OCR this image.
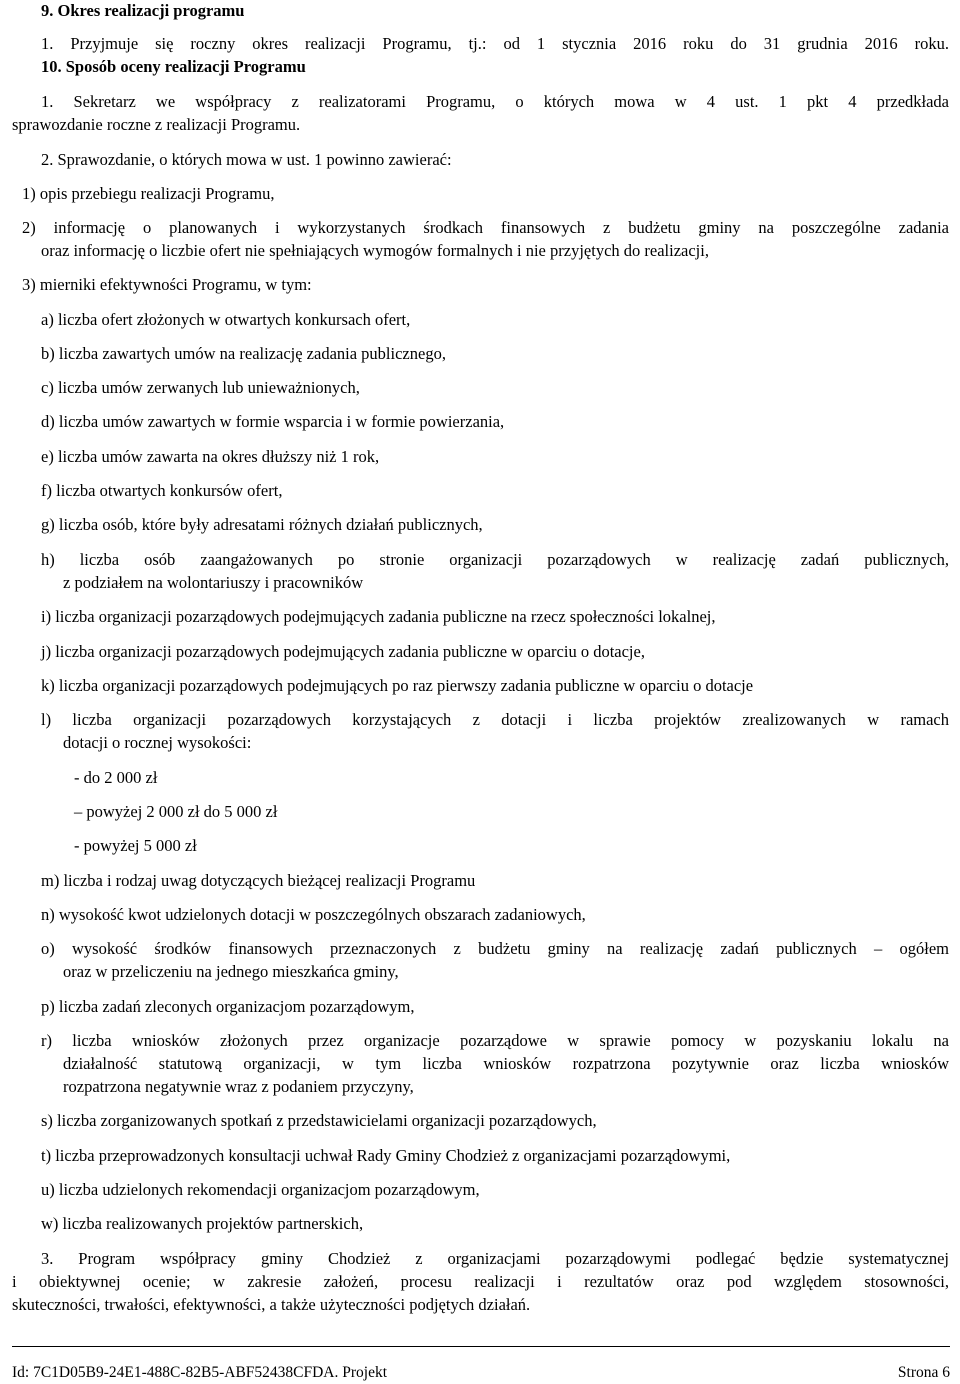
9. Okres realizacji programu
1. Przyjmuje się roczny okres realizacji Programu, tj.: od 1 stycznia 2016 roku do 31 grudnia 2016 roku.
10. Sposób oceny realizacji Programu
1. Sekretarz we współpracy z realizatorami Programu, o których mowa w 4 ust. 1 pkt 4 przedkłada
sprawozdanie roczne z realizacji Programu.
2. Sprawozdanie, o których mowa w ust. 1 powinno zawierać:
1) opis przebiegu realizacji Programu,
2) informację o planowanych i wykorzystanych środkach finansowych z budżetu gminy na poszczególne zadania
oraz informację o liczbie ofert nie spełniających wymogów formalnych i nie przyjętych do realizacji,
3) mierniki efektywności Programu, w tym:
a) liczba ofert złożonych w otwartych konkursach ofert,
b) liczba zawartych umów na realizację zadania publicznego,
c) liczba umów zerwanych lub unieważnionych,
d) liczba umów zawartych w formie wsparcia i w formie powierzania,
e) liczba umów zawarta na okres dłuższy niż 1 rok,
f) liczba otwartych konkursów ofert,
g) liczba osób, które były adresatami różnych działań publicznych,
h) liczba osób zaangażowanych po stronie organizacji pozarządowych w realizację zadań publicznych,
z podziałem na wolontariuszy i pracowników
i) liczba organizacji pozarządowych podejmujących zadania publiczne na rzecz społeczności lokalnej,
j) liczba organizacji pozarządowych podejmujących zadania publiczne w oparciu o dotacje,
k) liczba organizacji pozarządowych podejmujących po raz pierwszy zadania publiczne w oparciu o dotacje
l) liczba organizacji pozarządowych korzystających z dotacji i liczba projektów zrealizowanych w ramach
dotacji o rocznej wysokości:
- do 2 000 zł
– powyżej 2 000 zł do 5 000 zł
- powyżej 5 000 zł
m) liczba i rodzaj uwag dotyczących bieżącej realizacji Programu
n) wysokość kwot udzielonych dotacji w poszczególnych obszarach zadaniowych,
o) wysokość środków finansowych przeznaczonych z budżetu gminy na realizację zadań publicznych – ogółem
oraz w przeliczeniu na jednego mieszkańca gminy,
p) liczba zadań zleconych organizacjom pozarządowym,
r) liczba wniosków złożonych przez organizacje pozarządowe w sprawie pomocy w pozyskaniu lokalu na
działalność statutową organizacji, w tym liczba wniosków rozpatrzona pozytywnie oraz liczba wniosków
rozpatrzona negatywnie wraz z podaniem przyczyny,
s) liczba zorganizowanych spotkań z przedstawicielami organizacji pozarządowych,
t) liczba przeprowadzonych konsultacji uchwał Rady Gminy Chodzież z organizacjami pozarządowymi,
u) liczba udzielonych rekomendacji organizacjom pozarządowym,
w) liczba realizowanych projektów partnerskich,
3. Program współpracy gminy Chodzież z organizacjami pozarządowymi podlegać będzie systematycznej
i obiektywnej ocenie; w zakresie założeń, procesu realizacji i rezultatów oraz pod względem stosowności,
skuteczności, trwałości, efektywności, a także użyteczności podjętych działań.
Id: 7C1D05B9-24E1-488C-82B5-ABF52438CFDA. Projekt	Strona 6
